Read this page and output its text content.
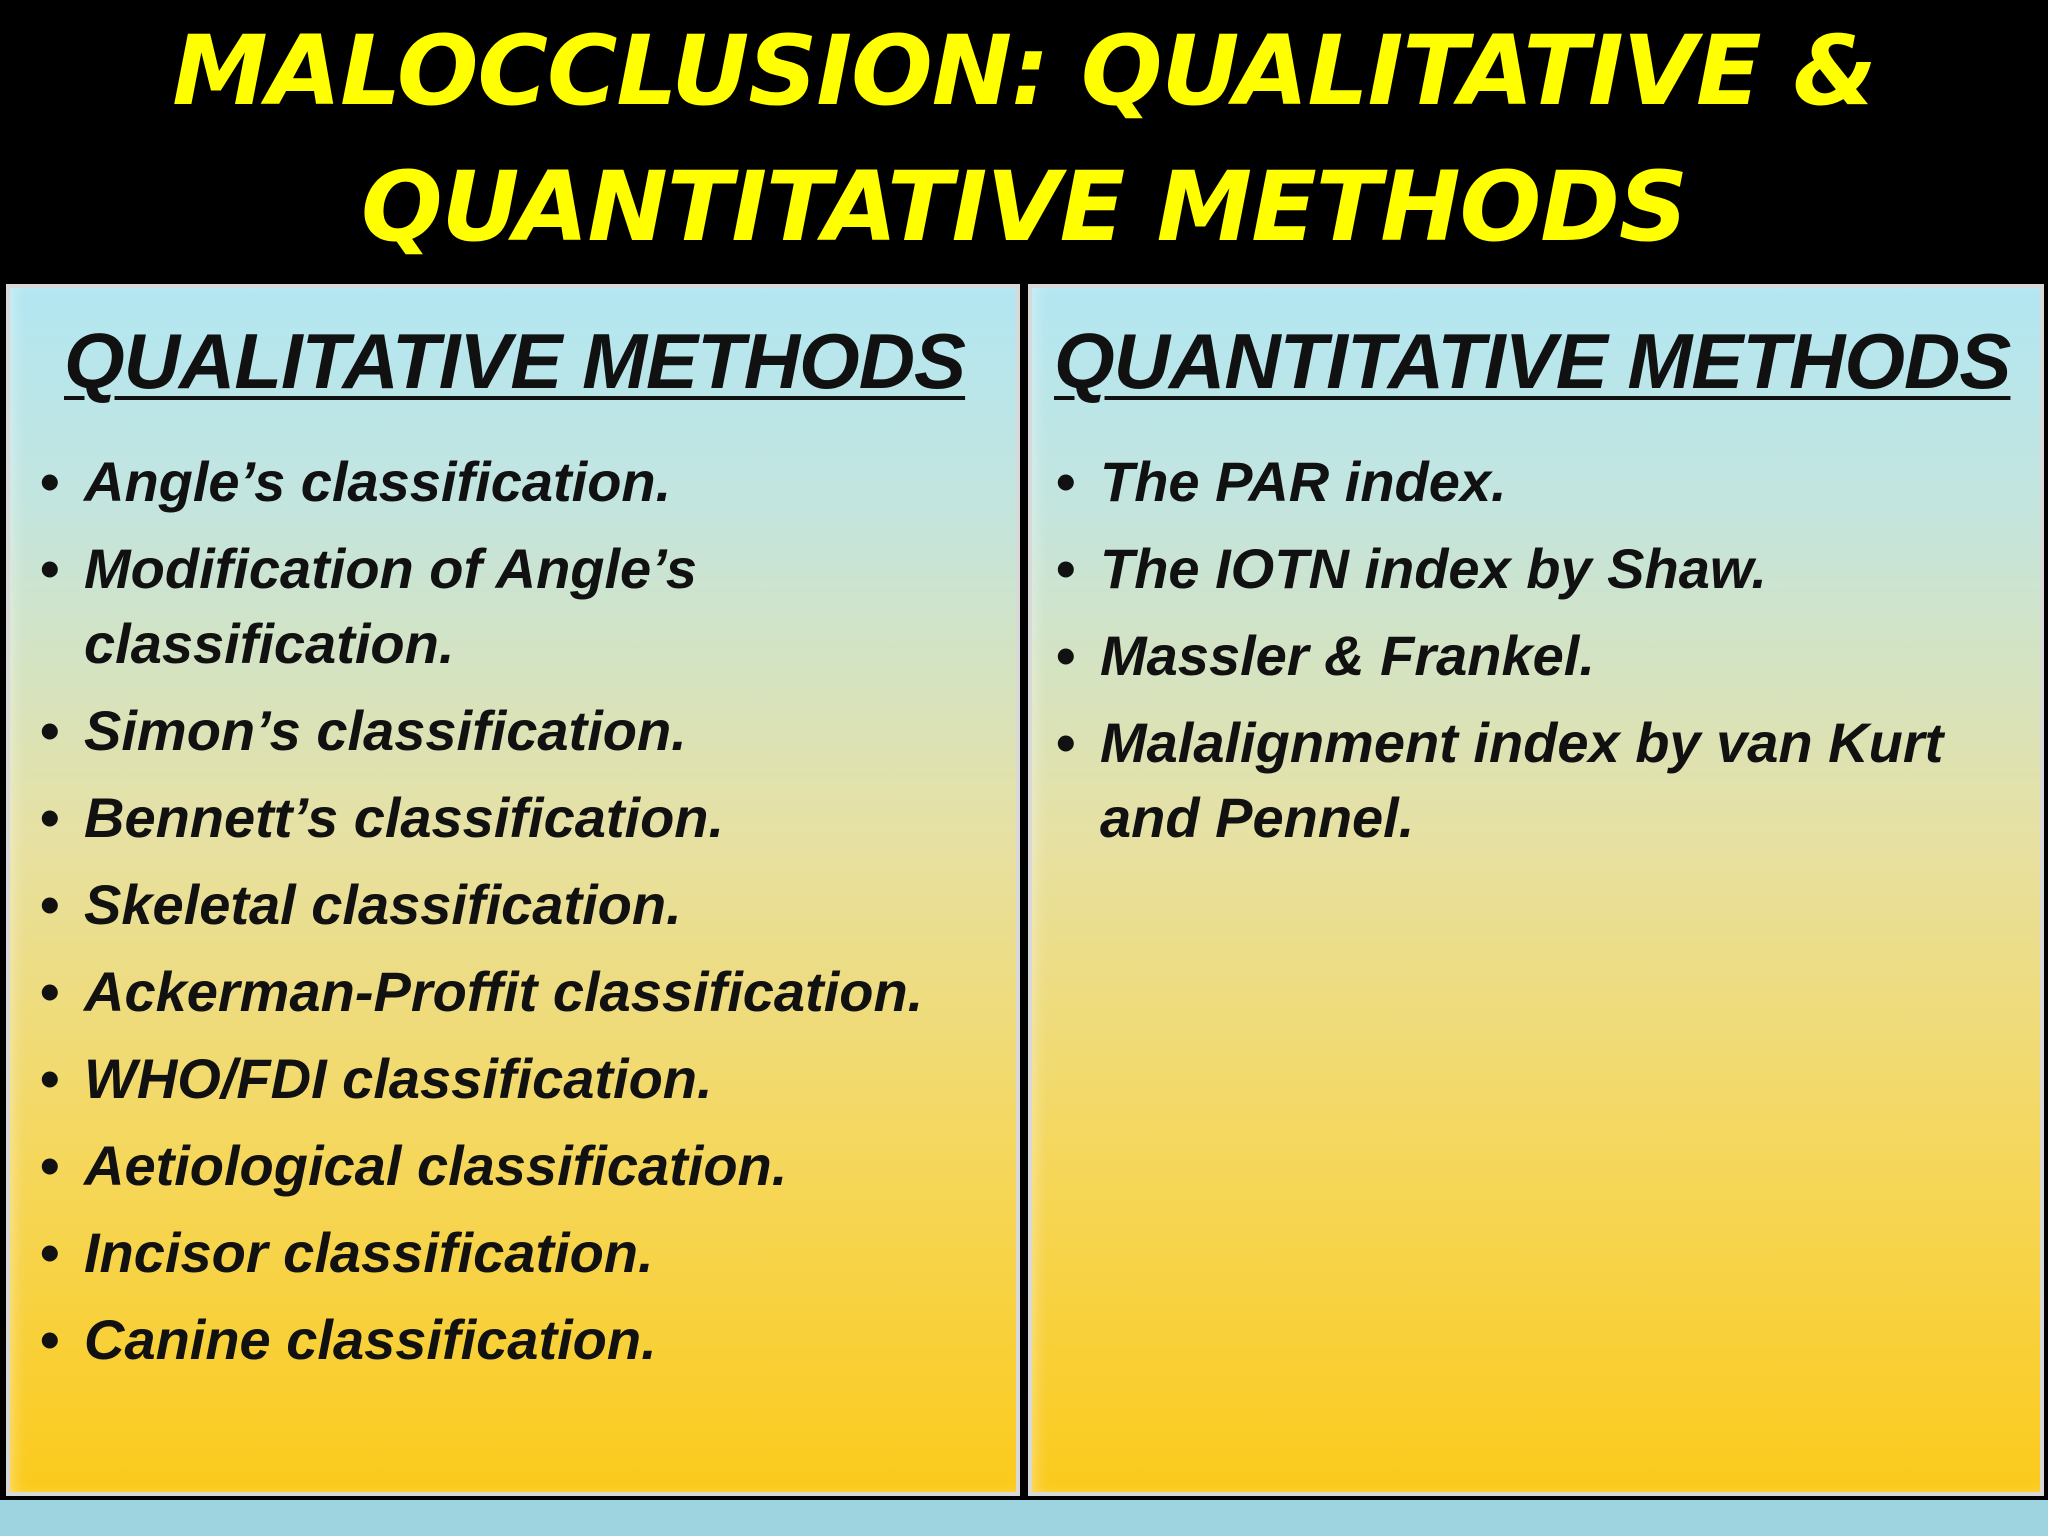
MALOCCLUSION: QUALITATIVE &
QUANTITATIVE METHODS
QUALITATIVE METHODS
• Angle’s classification.
• Modification of Angle’s classification.
• Simon’s classification.
• Bennett’s classification.
• Skeletal classification.
• Ackerman-Proffit classification.
• WHO/FDI classification.
• Aetiological classification.
• Incisor classification.
• Canine classification.
QUANTITATIVE METHODS
• The PAR index.
• The IOTN index by Shaw.
• Massler & Frankel.
• Malalignment index by van Kurt and Pennel.
